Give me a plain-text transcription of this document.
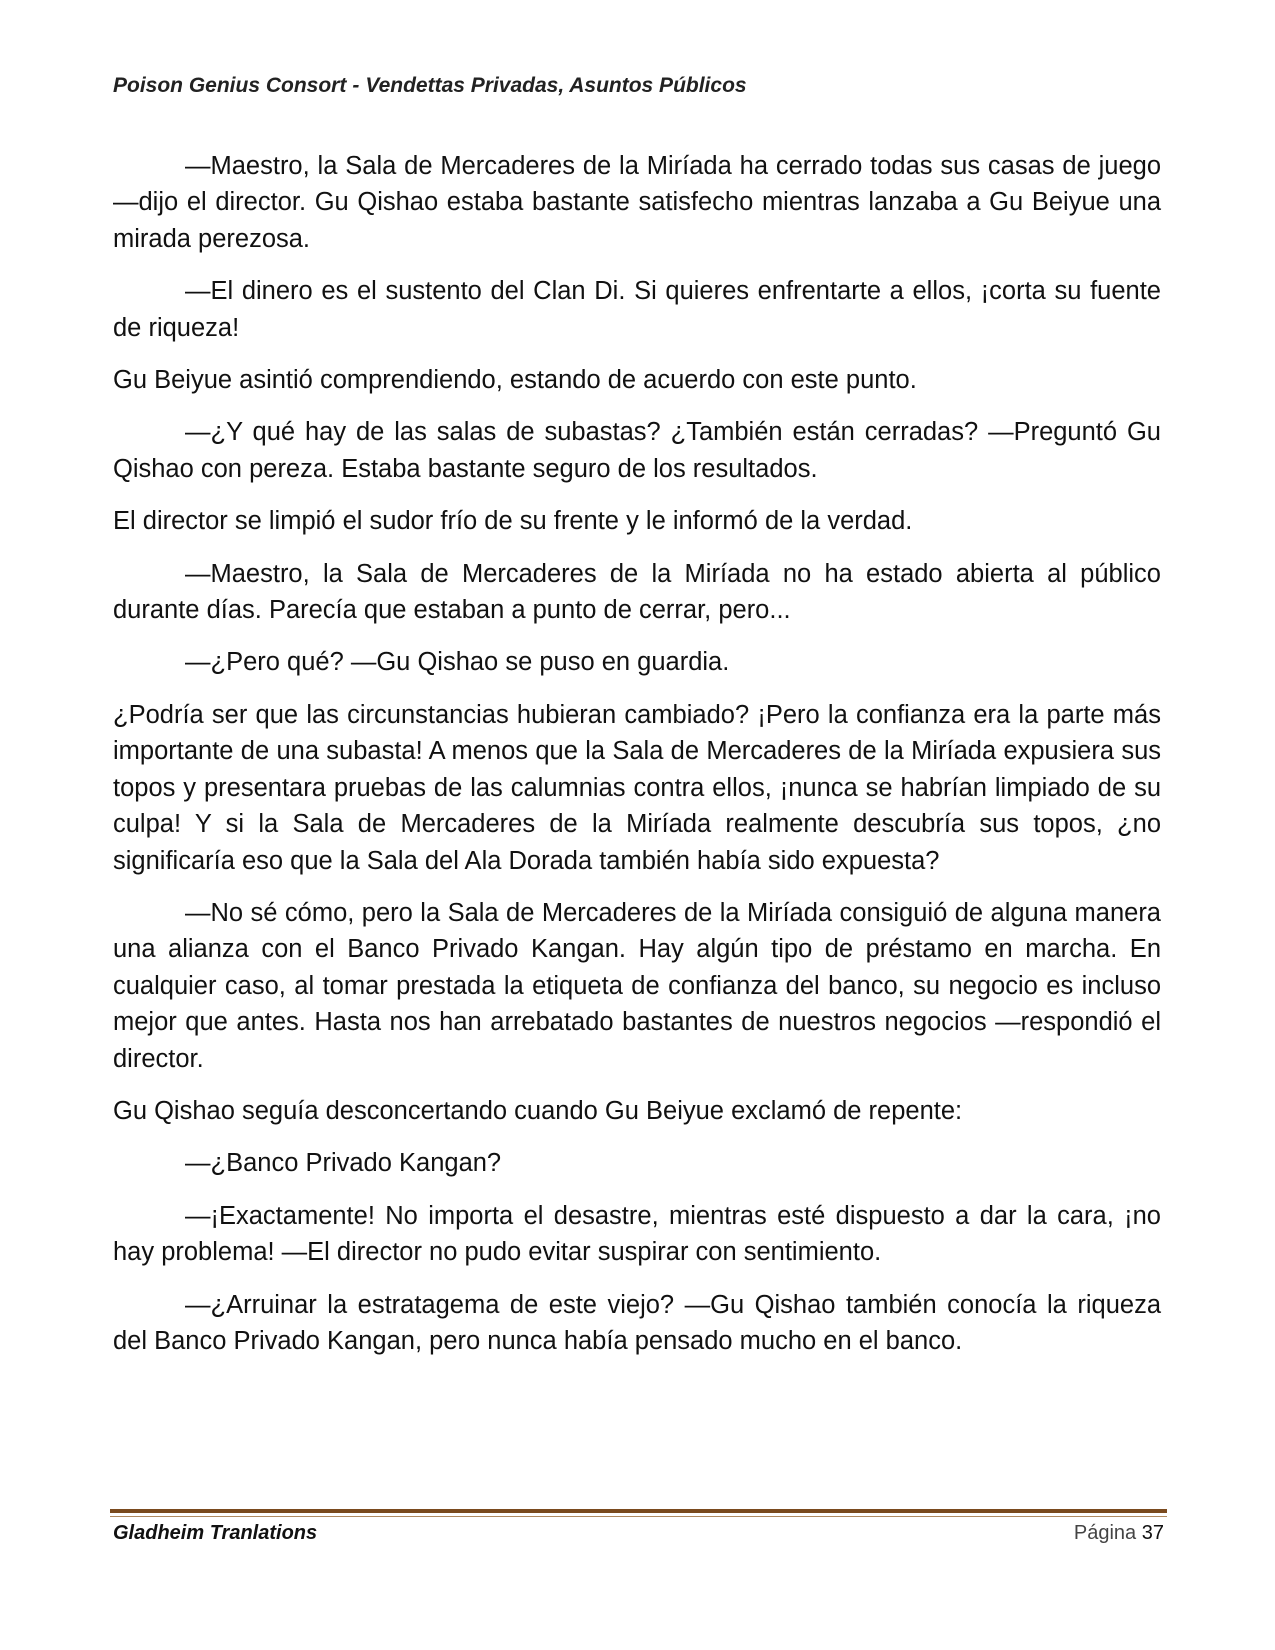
Poison Genius Consort - Vendettas Privadas, Asuntos Públicos

—Maestro, la Sala de Mercaderes de la Miríada ha cerrado todas sus casas de juego —dijo el director. Gu Qishao estaba bastante satisfecho mientras lanzaba a Gu Beiyue una mirada perezosa.

—El dinero es el sustento del Clan Di. Si quieres enfrentarte a ellos, ¡corta su fuente de riqueza!

Gu Beiyue asintió comprendiendo, estando de acuerdo con este punto.

—¿Y qué hay de las salas de subastas? ¿También están cerradas? —Preguntó Gu Qishao con pereza. Estaba bastante seguro de los resultados.

El director se limpió el sudor frío de su frente y le informó de la verdad.

—Maestro, la Sala de Mercaderes de la Miríada no ha estado abierta al público durante días. Parecía que estaban a punto de cerrar, pero...

—¿Pero qué? —Gu Qishao se puso en guardia.

¿Podría ser que las circunstancias hubieran cambiado? ¡Pero la confianza era la parte más importante de una subasta! A menos que la Sala de Mercaderes de la Miríada expusiera sus topos y presentara pruebas de las calumnias contra ellos, ¡nunca se habrían limpiado de su culpa! Y si la Sala de Mercaderes de la Miríada realmente descubría sus topos, ¿no significaría eso que la Sala del Ala Dorada también había sido expuesta?

—No sé cómo, pero la Sala de Mercaderes de la Miríada consiguió de alguna manera una alianza con el Banco Privado Kangan. Hay algún tipo de préstamo en marcha. En cualquier caso, al tomar prestada la etiqueta de confianza del banco, su negocio es incluso mejor que antes. Hasta nos han arrebatado bastantes de nuestros negocios —respondió el director.

Gu Qishao seguía desconcertando cuando Gu Beiyue exclamó de repente:

—¿Banco Privado Kangan?

—¡Exactamente! No importa el desastre, mientras esté dispuesto a dar la cara, ¡no hay problema! —El director no pudo evitar suspirar con sentimiento.

—¿Arruinar la estratagema de este viejo? —Gu Qishao también conocía la riqueza del Banco Privado Kangan, pero nunca había pensado mucho en el banco.

Gladheim Tranlations	Página 37
